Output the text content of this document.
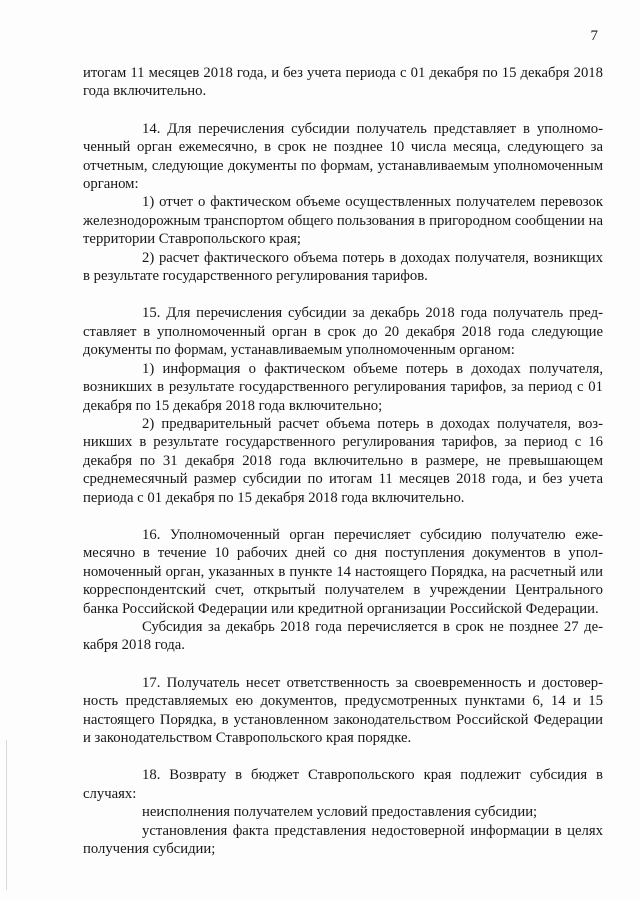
7

итогам 11 месяцев 2018 года, и без учета периода с 01 декабря по 15 декабря 2018 года включительно.

14. Для перечисления субсидии получатель представляет в уполномоченный орган ежемесячно, в срок не позднее 10 числа месяца, следующего за отчетным, следующие документы по формам, устанавливаемым уполномоченным органом:

1) отчет о фактическом объеме осуществленных получателем перевозок железнодорожным транспортом общего пользования в пригородном сообщении на территории Ставропольского края;

2) расчет фактического объема потерь в доходах получателя, возникщих в результате государственного регулирования тарифов.

15. Для перечисления субсидии за декабрь 2018 года получатель представляет в уполномоченный орган в срок до 20 декабря 2018 года следующие документы по формам, устанавливаемым уполномоченным органом:

1) информация о фактическом объеме потерь в доходах получателя, возникших в результате государственного регулирования тарифов, за период с 01 декабря по 15 декабря 2018 года включительно;

2) предварительный расчет объема потерь в доходах получателя, возникших в результате государственного регулирования тарифов, за период с 16 декабря по 31 декабря 2018 года включительно в размере, не превышающем среднемесячный размер субсидии по итогам 11 месяцев 2018 года, и без учета периода с 01 декабря по 15 декабря 2018 года включительно.

16. Уполномоченный орган перечисляет субсидию получателю ежемесячно в течение 10 рабочих дней со дня поступления документов в уполномоченный орган, указанных в пункте 14 настоящего Порядка, на расчетный или корреспондентский счет, открытый получателем в учреждении Центрального банка Российской Федерации или кредитной организации Российской Федерации.

Субсидия за декабрь 2018 года перечисляется в срок не позднее 27 декабря 2018 года.

17. Получатель несет ответственность за своевременность и достоверность представляемых ею документов, предусмотренных пунктами 6, 14 и 15 настоящего Порядка, в установленном законодательством Российской Федерации и законодательством Ставропольского края порядке.

18. Возврату в бюджет Ставропольского края подлежит субсидия в случаях:

неисполнения получателем условий предоставления субсидии;

установления факта представления недостоверной информации в целях получения субсидии;
